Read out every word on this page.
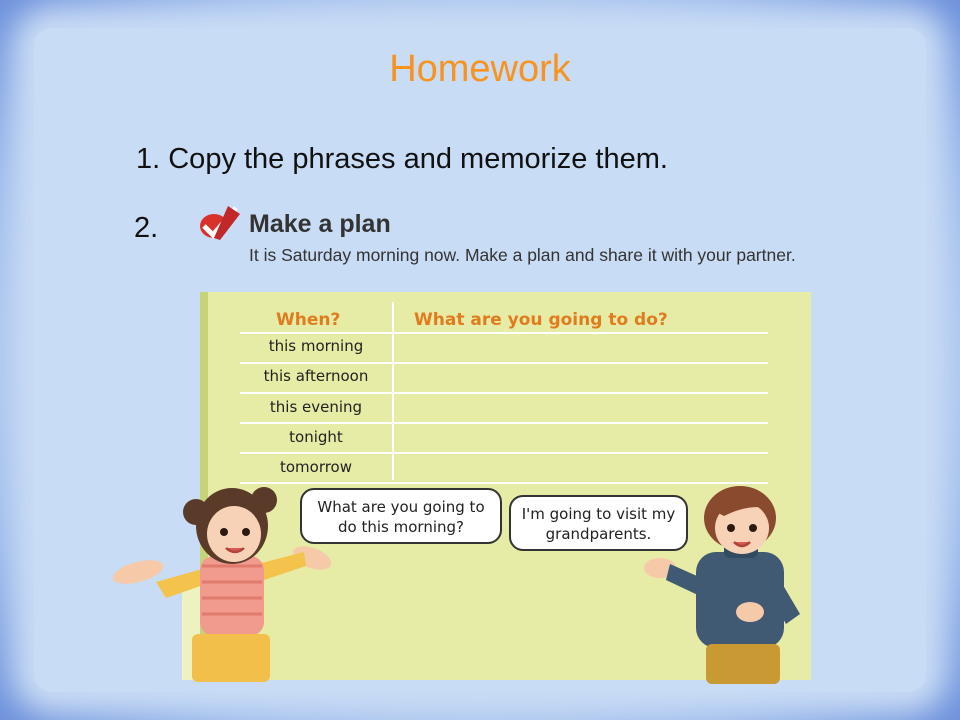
Homework
1. Copy the phrases and memorize them.
2.	Make a plan
It is Saturday morning now. Make a plan and share it with your partner.
When?	What are you going to do?
this morning
this afternoon
this evening
tonight
tomorrow
What are you going to do this morning?
I'm going to visit my grandparents.
